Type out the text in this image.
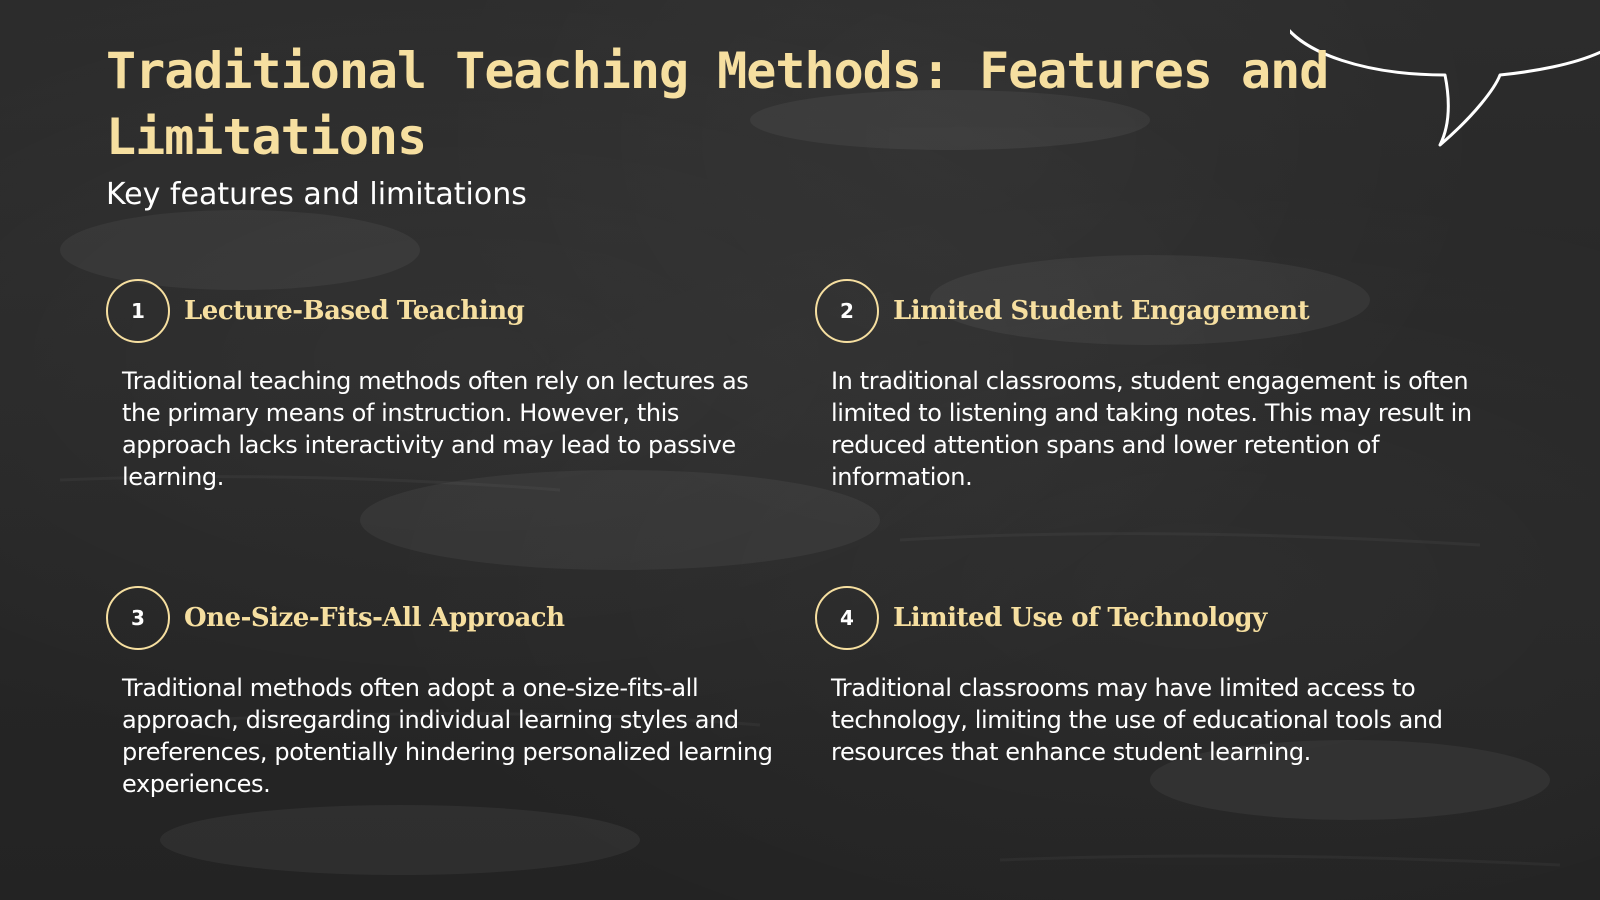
Traditional Teaching Methods: Features and Limitations

Key features and limitations

1	Lecture-Based Teaching

Traditional teaching methods often rely on lectures as the primary means of instruction. However, this approach lacks interactivity and may lead to passive learning.

2	Limited Student Engagement

In traditional classrooms, student engagement is often limited to listening and taking notes. This may result in reduced attention spans and lower retention of information.

3	One-Size-Fits-All Approach

Traditional methods often adopt a one-size-fits-all approach, disregarding individual learning styles and preferences, potentially hindering personalized learning experiences.

4	Limited Use of Technology

Traditional classrooms may have limited access to technology, limiting the use of educational tools and resources that enhance student learning.
